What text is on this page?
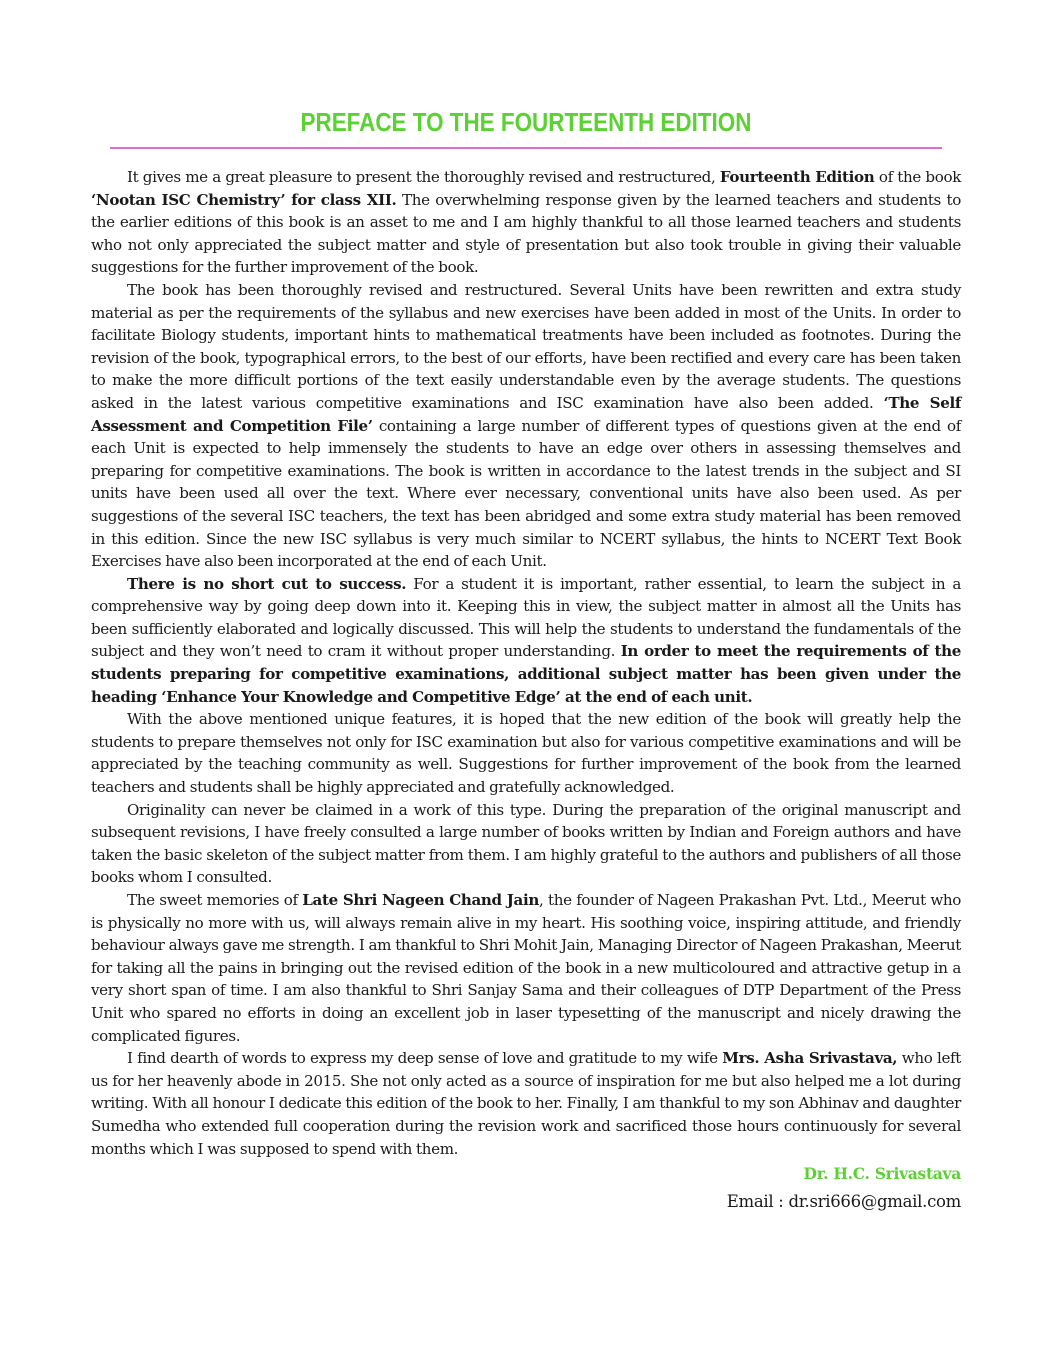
PREFACE TO THE FOURTEENTH EDITION

It gives me a great pleasure to present the thoroughly revised and restructured, Fourteenth Edition of the book ‘Nootan ISC Chemistry’ for class XII. The overwhelming response given by the learned teachers and students to the earlier editions of this book is an asset to me and I am highly thankful to all those learned teachers and students who not only appreciated the subject matter and style of presentation but also took trouble in giving their valuable suggestions for the further improvement of the book.

The book has been thoroughly revised and restructured. Several Units have been rewritten and extra study material as per the requirements of the syllabus and new exercises have been added in most of the Units. In order to facilitate Biology students, important hints to mathematical treatments have been included as footnotes. During the revision of the book, typographical errors, to the best of our efforts, have been rectified and every care has been taken to make the more difficult portions of the text easily understandable even by the average students. The questions asked in the latest various competitive examinations and ISC examination have also been added. ‘The Self Assessment and Competition File’ containing a large number of different types of questions given at the end of each Unit is expected to help immensely the students to have an edge over others in assessing themselves and preparing for competitive examinations. The book is written in accordance to the latest trends in the subject and SI units have been used all over the text. Where ever necessary, conventional units have also been used. As per suggestions of the several ISC teachers, the text has been abridged and some extra study material has been removed in this edition. Since the new ISC syllabus is very much similar to NCERT syllabus, the hints to NCERT Text Book Exercises have also been incorporated at the end of each Unit.

There is no short cut to success. For a student it is important, rather essential, to learn the subject in a comprehensive way by going deep down into it. Keeping this in view, the subject matter in almost all the Units has been sufficiently elaborated and logically discussed. This will help the students to understand the fundamentals of the subject and they won’t need to cram it without proper understanding. In order to meet the requirements of the students preparing for competitive examinations, additional subject matter has been given under the heading ‘Enhance Your Knowledge and Competitive Edge’ at the end of each unit.

With the above mentioned unique features, it is hoped that the new edition of the book will greatly help the students to prepare themselves not only for ISC examination but also for various competitive examinations and will be appreciated by the teaching community as well. Suggestions for further improvement of the book from the learned teachers and students shall be highly appreciated and gratefully acknowledged.

Originality can never be claimed in a work of this type. During the preparation of the original manuscript and subsequent revisions, I have freely consulted a large number of books written by Indian and Foreign authors and have taken the basic skeleton of the subject matter from them. I am highly grateful to the authors and publishers of all those books whom I consulted.

The sweet memories of Late Shri Nageen Chand Jain, the founder of Nageen Prakashan Pvt. Ltd., Meerut who is physically no more with us, will always remain alive in my heart. His soothing voice, inspiring attitude, and friendly behaviour always gave me strength. I am thankful to Shri Mohit Jain, Managing Director of Nageen Prakashan, Meerut for taking all the pains in bringing out the revised edition of the book in a new multicoloured and attractive getup in a very short span of time. I am also thankful to Shri Sanjay Sama and their colleagues of DTP Department of the Press Unit who spared no efforts in doing an excellent job in laser typesetting of the manuscript and nicely drawing the complicated figures.

I find dearth of words to express my deep sense of love and gratitude to my wife Mrs. Asha Srivastava, who left us for her heavenly abode in 2015. She not only acted as a source of inspiration for me but also helped me a lot during writing. With all honour I dedicate this edition of the book to her. Finally, I am thankful to my son Abhinav and daughter Sumedha who extended full cooperation during the revision work and sacrificed those hours continuously for several months which I was supposed to spend with them.

Dr. H.C. Srivastava
Email : dr.sri666@gmail.com
